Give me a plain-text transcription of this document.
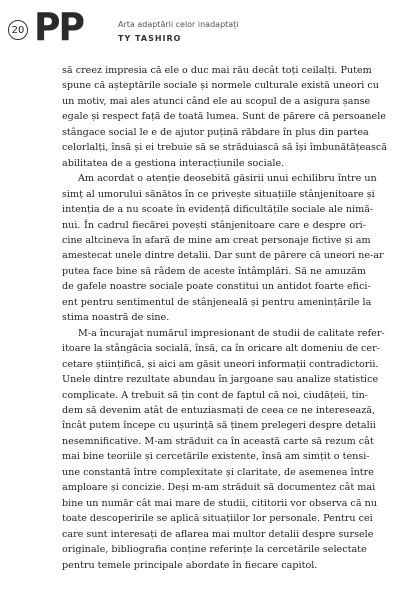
20 PP	Arta adaptării celor inadaptați
TY TASHIRO
să creez impresia că ele o duc mai rău decât toți ceilalți. Putem
spune că așteptările sociale și normele culturale există uneori cu
un motiv, mai ales atunci când ele au scopul de a asigura șanse
egale și respect față de toată lumea. Sunt de părere că persoanele
stângace social le e de ajutor puțină răbdare în plus din partea
celorlalți, însă și ei trebuie să se străduiască să își îmbunătățească
abilitatea de a gestiona interacțiunile sociale.
Am acordat o atenție deosebită găsirii unui echilibru între un
simț al umorului sănătos în ce privește situațiile stânjenitoare și
intenția de a nu scoate în evidență dificultățile sociale ale nimă-
nui. În cadrul fiecărei povești stânjenitoare care e despre ori-
cine altcineva în afară de mine am creat personaje fictive și am
amestecat unele dintre detalii. Dar sunt de părere că uneori ne-ar
putea face bine să râdem de aceste întâmplări. Să ne amuzăm
de gafele noastre sociale poate constitui un antidot foarte efici-
ent pentru sentimentul de stânjeneală și pentru amenințările la
stima noastră de sine.
M-a încurajat numărul impresionant de studii de calitate refer-
itoare la stângăcia socială, însă, ca în oricare alt domeniu de cer-
cetare științifică, și aici am găsit uneori informații contradictorii.
Unele dintre rezultate abundau în jargoane sau analize statistice
complicate. A trebuit să țin cont de faptul că noi, ciudățeii, tin-
dem să devenim atât de entuziasmați de ceea ce ne interesează,
încât putem începe cu ușurință să ținem prelegeri despre detalii
nesemnificative. M-am străduit ca în această carte să rezum cât
mai bine teoriile și cercetările existente, însă am simțit o tensi-
une constantă între complexitate și claritate, de asemenea între
amploare și concizie. Deși m-am străduit să documentez cât mai
bine un număr cât mai mare de studii, cititorii vor observa că nu
toate descoperirile se aplică situațiilor lor personale. Pentru cei
care sunt interesați de aflarea mai multor detalii despre sursele
originale, bibliografia conține referințe la cercetările selectate
pentru temele principale abordate în fiecare capitol.
